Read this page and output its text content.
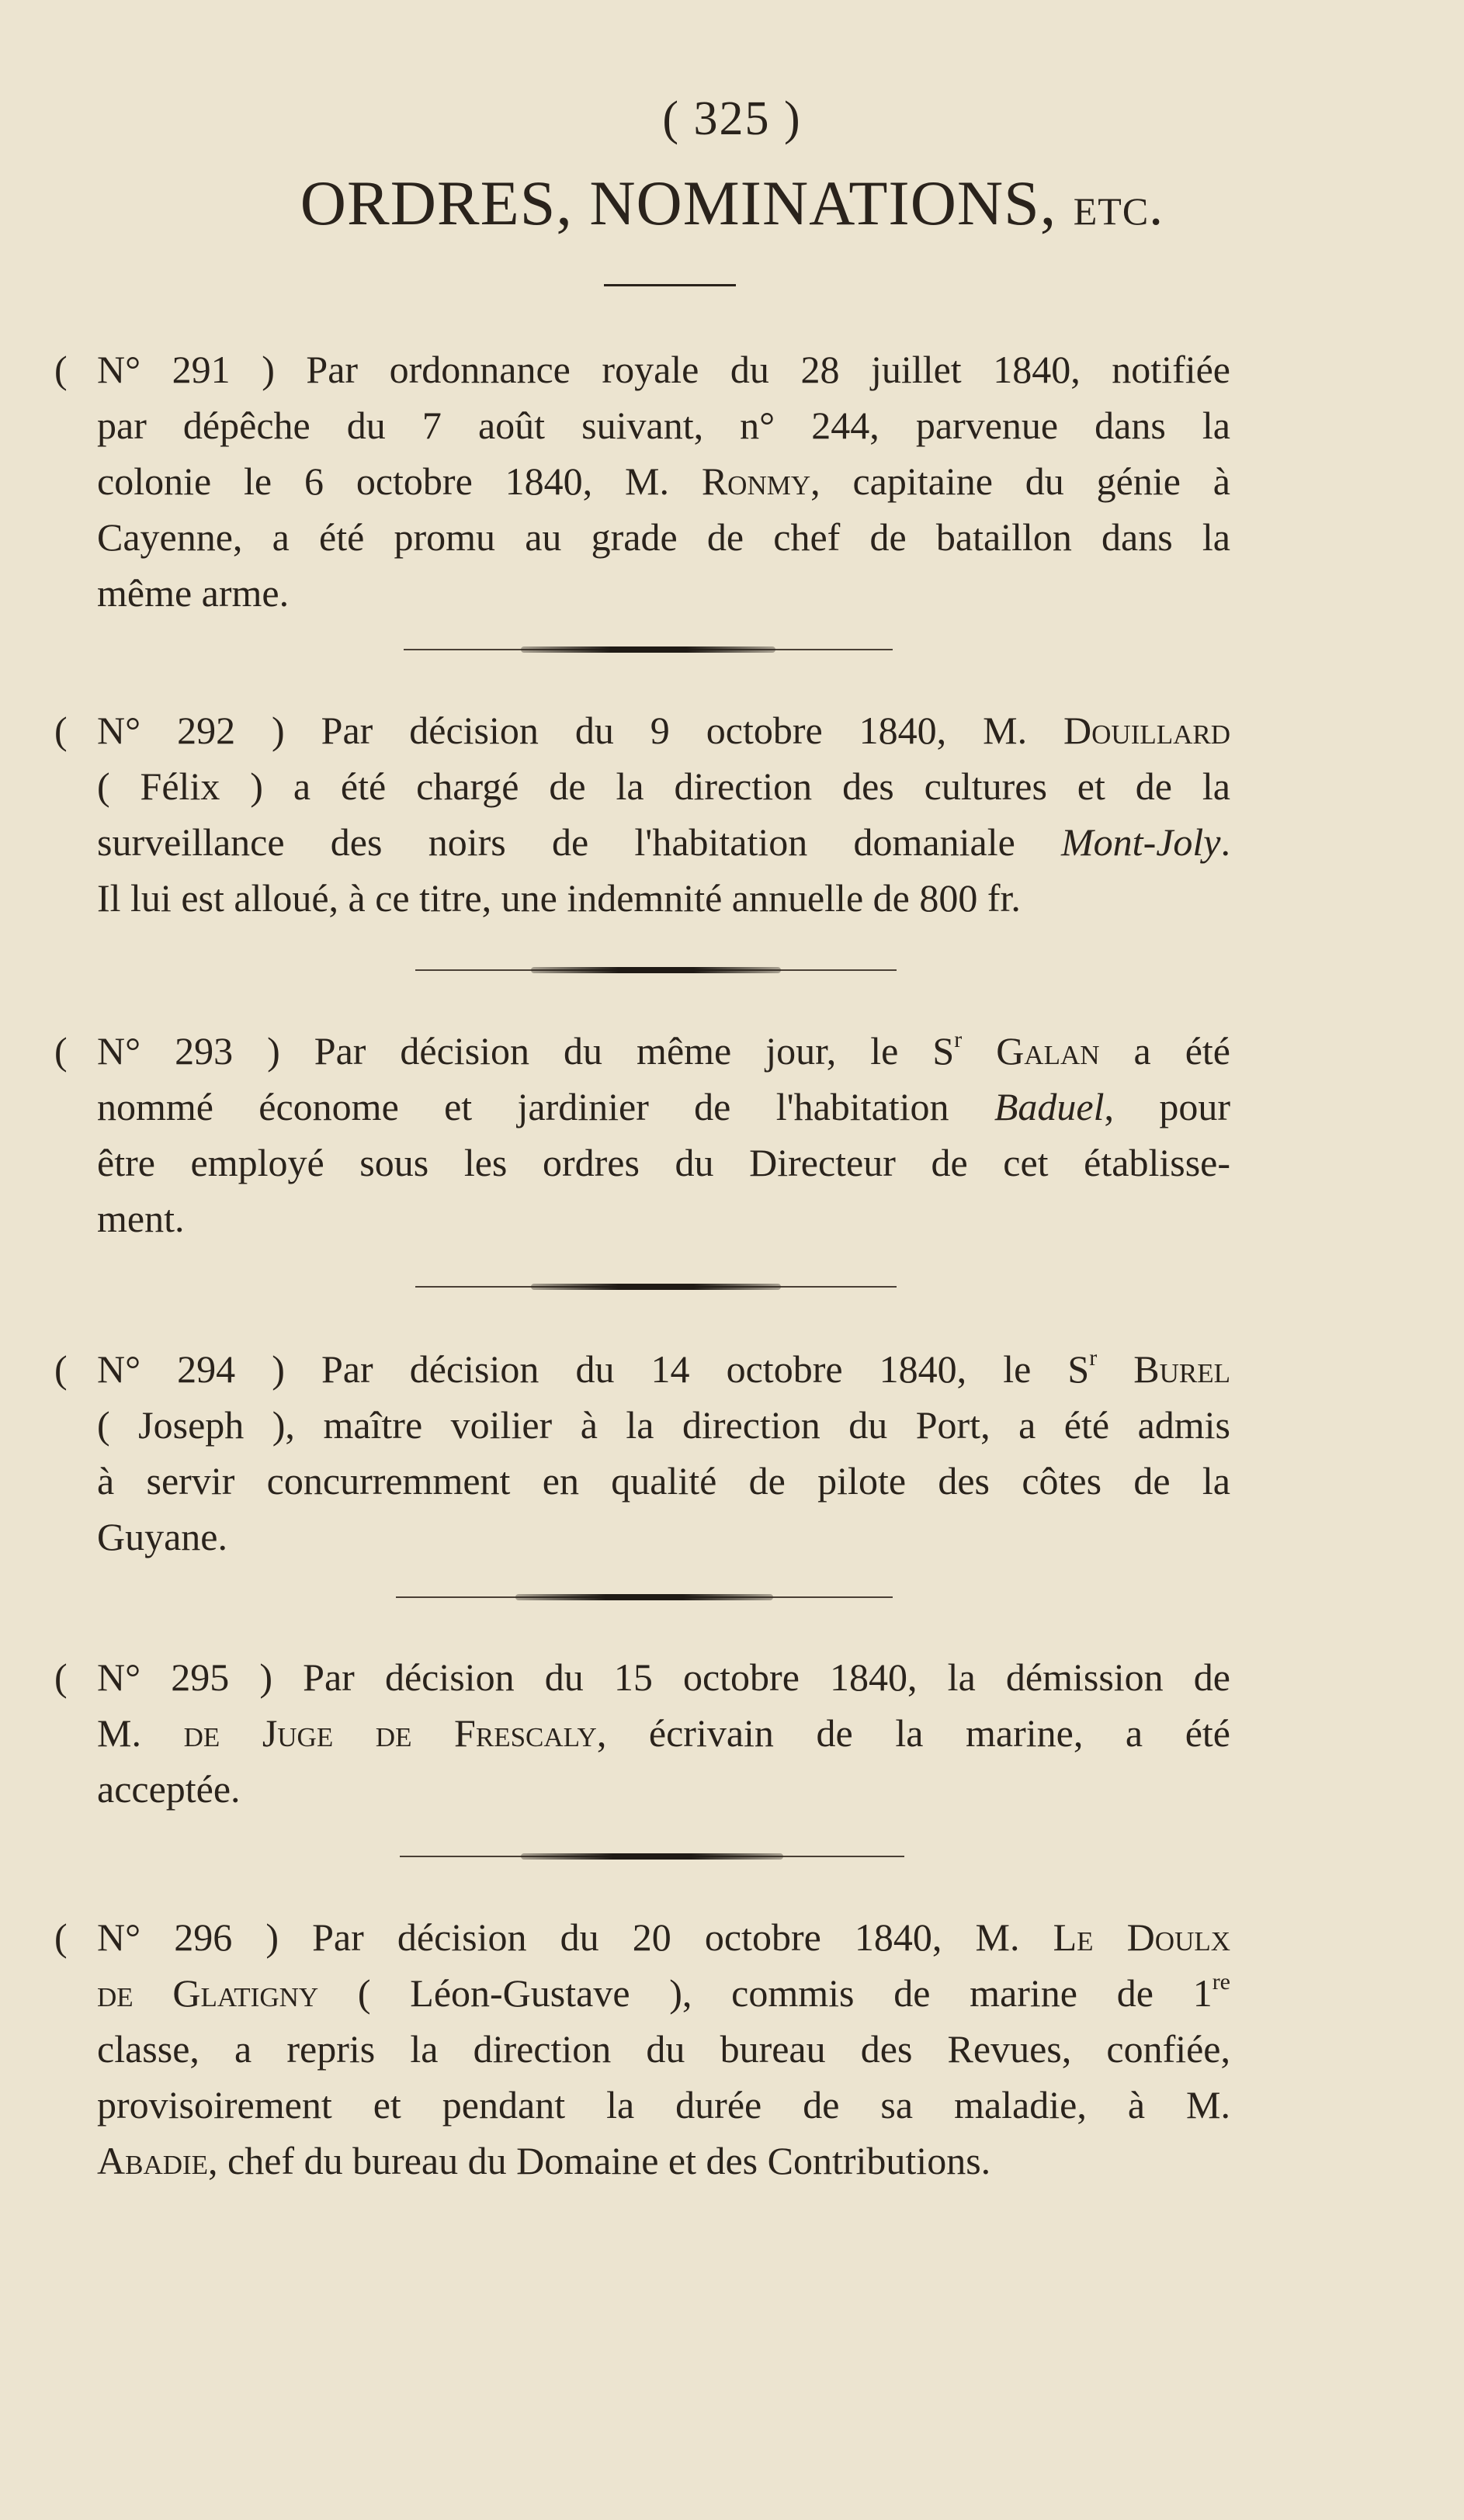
( 325 )
ORDRES, NOMINATIONS, etc.
( N° 291 ) Par ordonnance royale du 28 juillet 1840, notifiée
par dépêche du 7 août suivant, n° 244, parvenue dans la
colonie le 6 octobre 1840, M. Ronmy, capitaine du génie à
Cayenne, a été promu au grade de chef de bataillon dans la
même arme.
( N° 292 ) Par décision du 9 octobre 1840, M. Douillard
( Félix ) a été chargé de la direction des cultures et de la
surveillance des noirs de l'habitation domaniale Mont-Joly.
Il lui est alloué, à ce titre, une indemnité annuelle de 800 fr.
( N° 293 ) Par décision du même jour, le $S^r$ Galan a été
nommé économe et jardinier de l'habitation Baduel, pour
être employé sous les ordres du Directeur de cet établisse-
ment.
( N° 294 ) Par décision du 14 octobre 1840, le $S^r$ Burel
( Joseph ), maître voilier à la direction du Port, a été admis
à servir concurremment en qualité de pilote des côtes de la
Guyane.
( N° 295 ) Par décision du 15 octobre 1840, la démission de
M. de Juge de Frescaly, écrivain de la marine, a été
acceptée.
( N° 296 ) Par décision du 20 octobre 1840, M. Le Doulx
de Glatigny ( Léon-Gustave ), commis de marine de 1re
classe, a repris la direction du bureau des Revues, confiée,
provisoirement et pendant la durée de sa maladie, à M.
Abadie, chef du bureau du Domaine et des Contributions.
